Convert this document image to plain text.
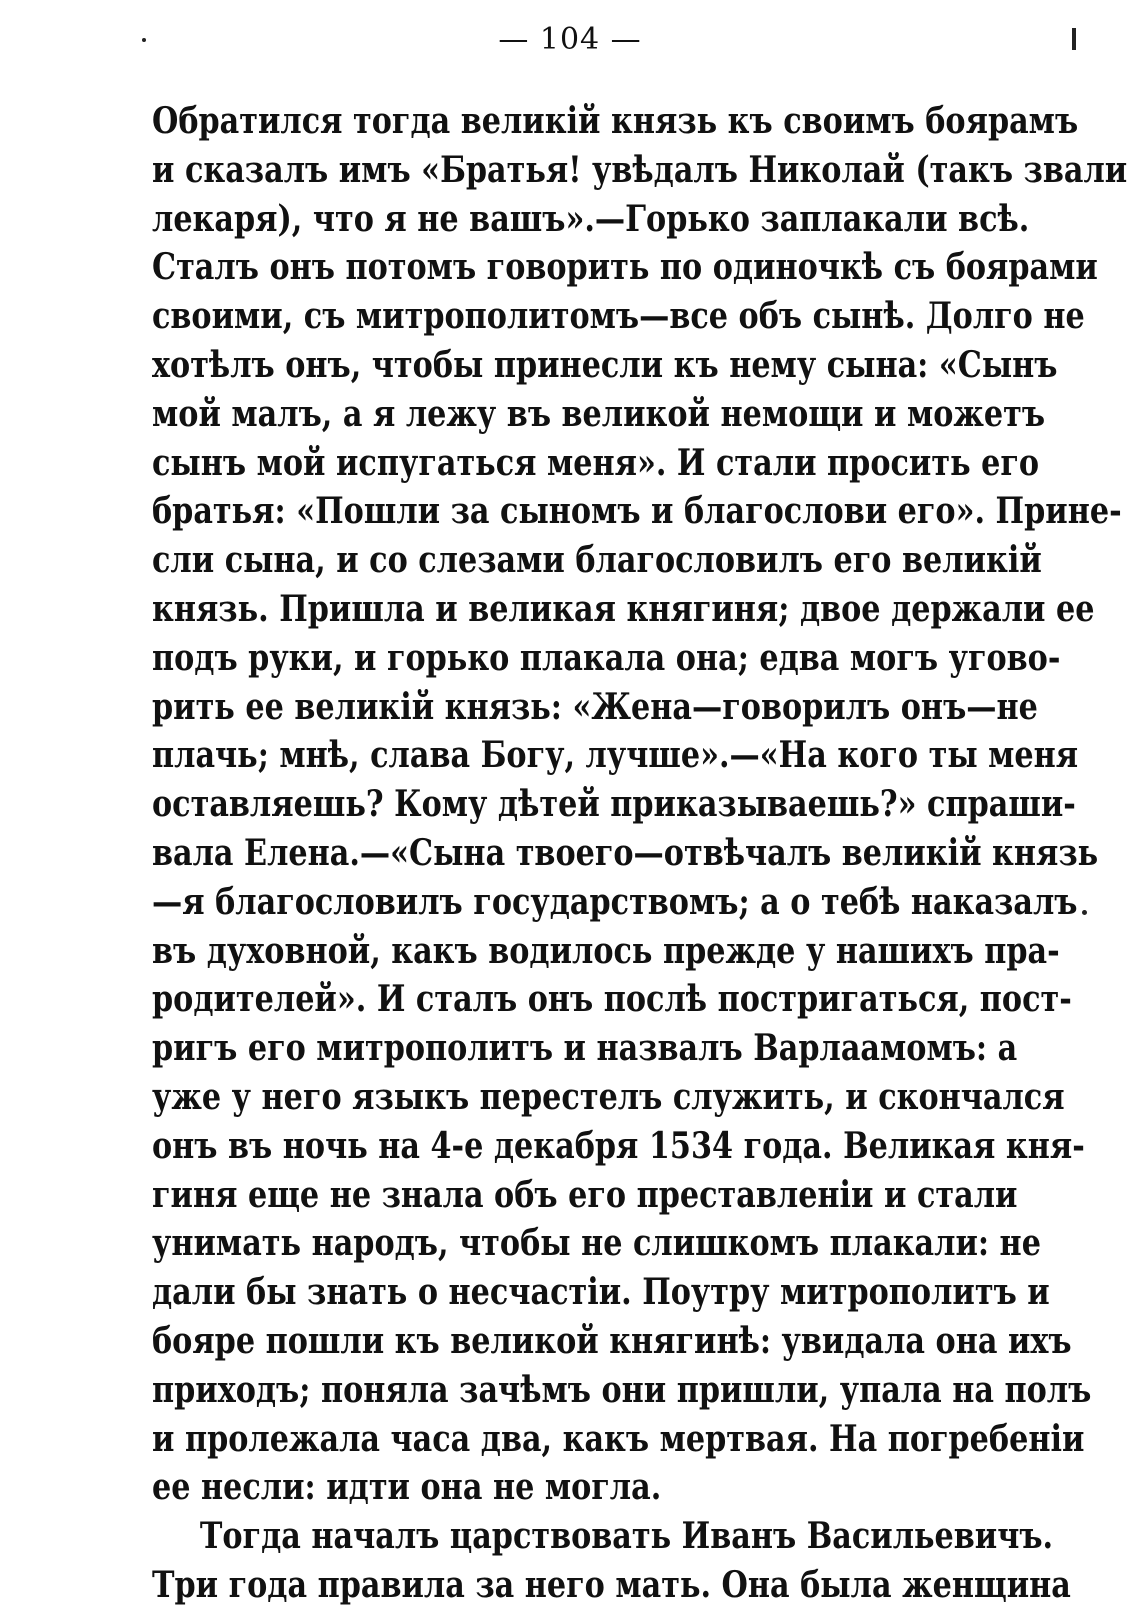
— 104 —
Обратился тогда великій князь къ своимъ боярамъ
и сказалъ имъ «Братья! увѣдалъ Николай (такъ звали
лекаря), что я не вашъ».—Горько заплакали всѣ.
Сталъ онъ потомъ говорить по одиночкѣ съ боярами
своими, съ митрополитомъ—все объ сынѣ. Долго не
хотѣлъ онъ, чтобы принесли къ нему сына: «Сынъ
мой малъ, а я лежу въ великой немощи и можетъ
сынъ мой испугаться меня». И стали просить его
братья: «Пошли за сыномъ и благослови его». Прине-
сли сына, и со слезами благословилъ его великій
князь. Пришла и великая княгиня; двое держали ее
подъ руки, и горько плакала она; едва могъ угово-
рить ее великій князь: «Жена—говорилъ онъ—не
плачь; мнѣ, слава Богу, лучше».—«На кого ты меня
оставляешь? Кому дѣтей приказываешь?» спраши-
вала Елена.—«Сына твоего—отвѣчалъ великій князь
—я благословилъ государствомъ; а о тебѣ наказалъ
въ духовной, какъ водилось прежде у нашихъ пра-
родителей». И сталъ онъ послѣ постригаться, пост-
ригъ его митрополитъ и назвалъ Варлаамомъ: а
уже у него языкъ перестелъ служить, и скончался
онъ въ ночь на 4-е декабря 1534 года. Великая кня-
гиня еще не знала объ его преставленіи и стали
унимать народъ, чтобы не слишкомъ плакали: не
дали бы знать о несчастіи. Поутру митрополитъ и
бояре пошли къ великой княгинѣ: увидала она ихъ
приходъ; поняла зачѣмъ они пришли, упала на полъ
и пролежала часа два, какъ мертвая. На погребеніи
ее несли: идти она не могла.
Тогда началъ царствовать Иванъ Васильевичъ.
Три года правила за него мать. Она была женщина
